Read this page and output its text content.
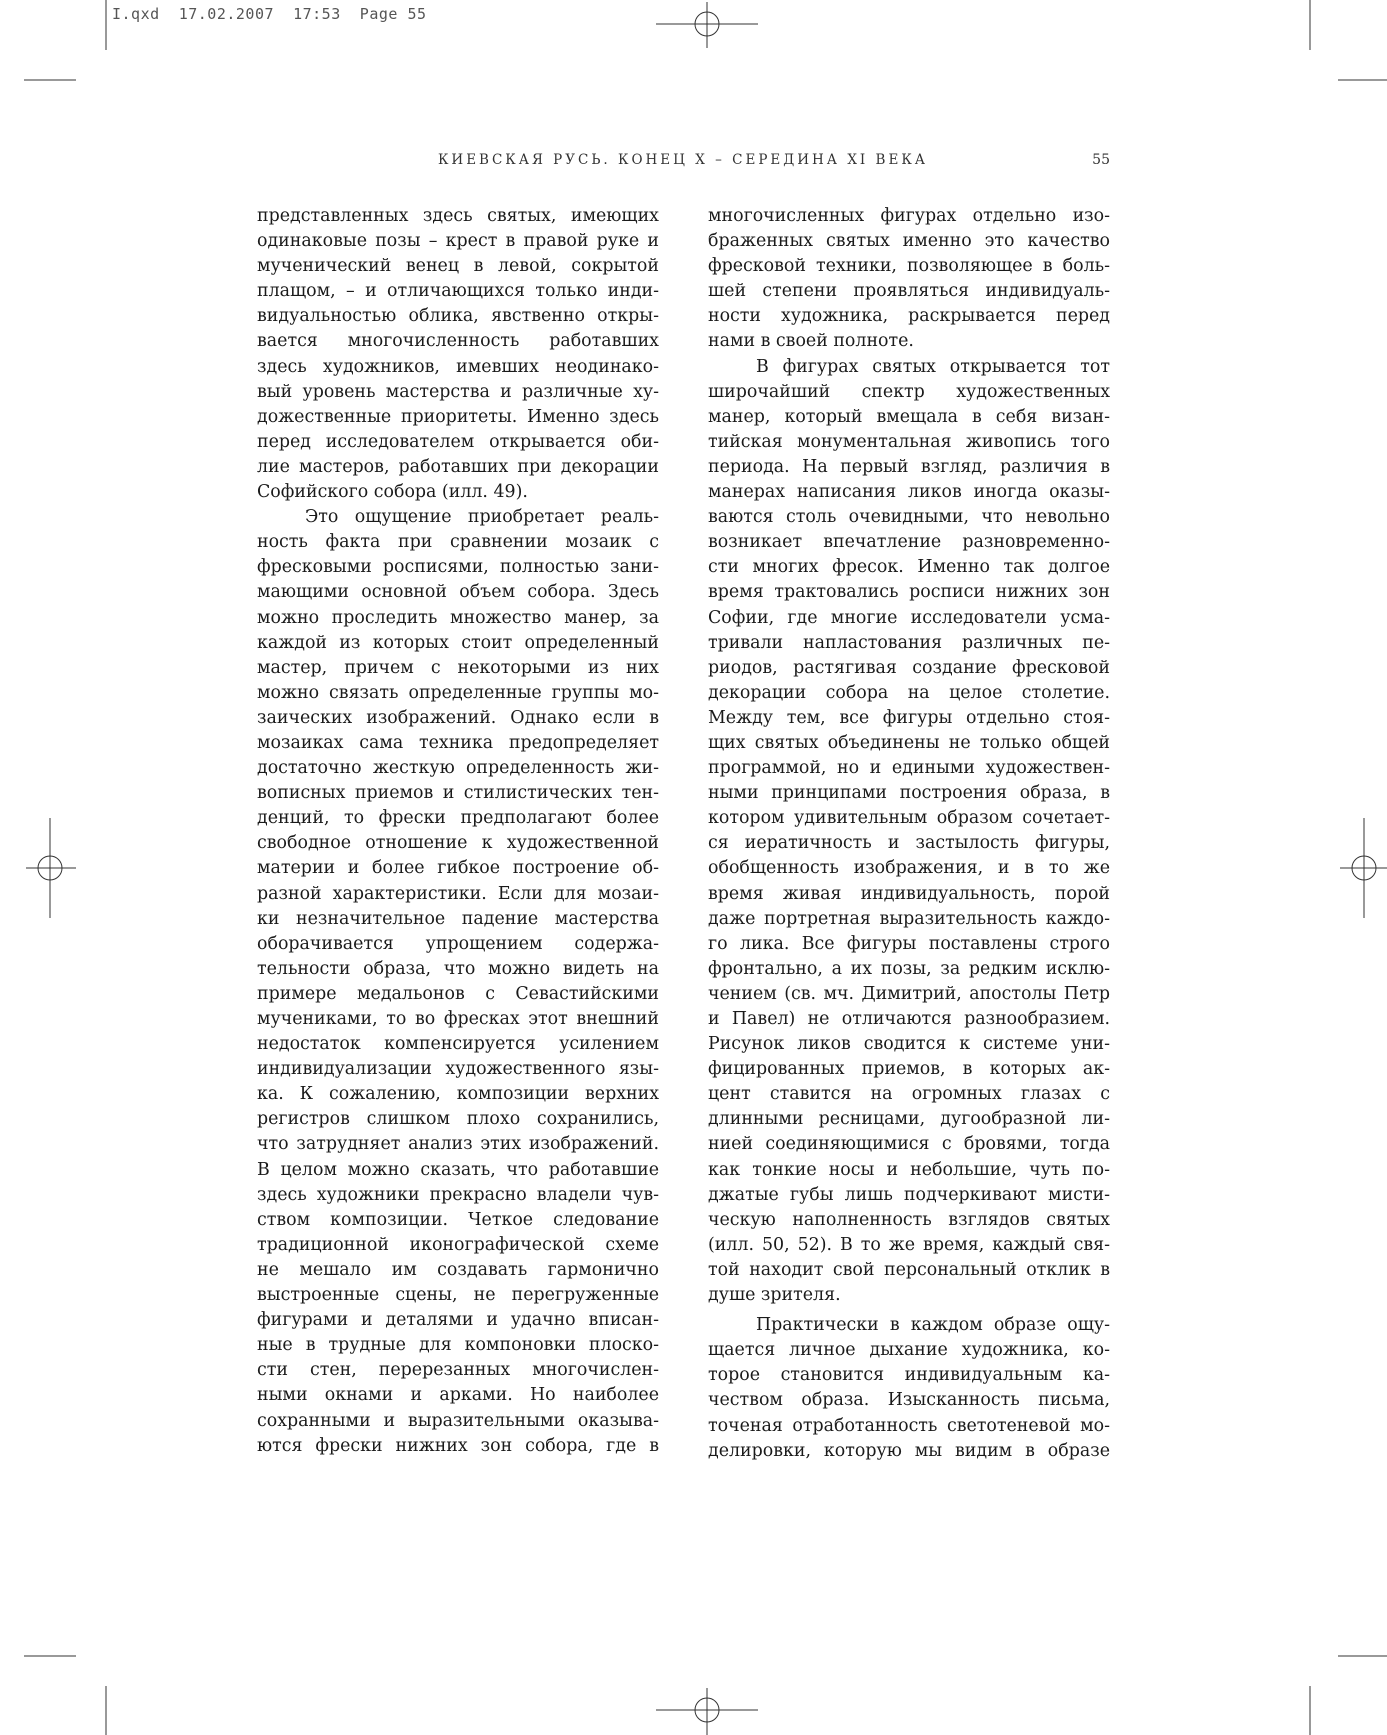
I.qxd  17.02.2007  17:53  Page 55
КИЕВСКАЯ РУСЬ. КОНЕЦ X – СЕРЕДИНА XI ВЕКА	55
представленных здесь святых, имеющих
одинаковые позы – крест в правой руке и
мученический венец в левой, сокрытой
плащом, – и отличающихся только инди-
видуальностью облика, явственно откры-
вается многочисленность работавших
здесь художников, имевших неодинако-
вый уровень мастерства и различные ху-
дожественные приоритеты. Именно здесь
перед исследователем открывается оби-
лие мастеров, работавших при декорации
Софийского собора (илл. 49).
Это ощущение приобретает реаль-
ность факта при сравнении мозаик с
фресковыми росписями, полностью зани-
мающими основной объем собора. Здесь
можно проследить множество манер, за
каждой из которых стоит определенный
мастер, причем с некоторыми из них
можно связать определенные группы мо-
заических изображений. Однако если в
мозаиках сама техника предопределяет
достаточно жесткую определенность жи-
вописных приемов и стилистических тен-
денций, то фрески предполагают более
свободное отношение к художественной
материи и более гибкое построение об-
разной характеристики. Если для мозаи-
ки незначительное падение мастерства
оборачивается упрощением содержа-
тельности образа, что можно видеть на
примере медальонов с Севастийскими
мучениками, то во фресках этот внешний
недостаток компенсируется усилением
индивидуализации художественного язы-
ка. К сожалению, композиции верхних
регистров слишком плохо сохранились,
что затрудняет анализ этих изображений.
В целом можно сказать, что работавшие
здесь художники прекрасно владели чув-
ством композиции. Четкое следование
традиционной иконографической схеме
не мешало им создавать гармонично
выстроенные сцены, не перегруженные
фигурами и деталями и удачно вписан-
ные в трудные для компоновки плоско-
сти стен, перерезанных многочислен-
ными окнами и арками. Но наиболее
сохранными и выразительными оказыва-
ются фрески нижних зон собора, где в
многочисленных фигурах отдельно изо-
браженных святых именно это качество
фресковой техники, позволяющее в боль-
шей степени проявляться индивидуаль-
ности художника, раскрывается перед
нами в своей полноте.
В фигурах святых открывается тот
широчайший спектр художественных
манер, который вмещала в себя визан-
тийская монументальная живопись того
периода. На первый взгляд, различия в
манерах написания ликов иногда оказы-
ваются столь очевидными, что невольно
возникает впечатление разновременно-
сти многих фресок. Именно так долгое
время трактовались росписи нижних зон
Софии, где многие исследователи усма-
тривали напластования различных пе-
риодов, растягивая создание фресковой
декорации собора на целое столетие.
Между тем, все фигуры отдельно стоя-
щих святых объединены не только общей
программой, но и едиными художествен-
ными принципами построения образа, в
котором удивительным образом сочетает-
ся иератичность и застылость фигуры,
обобщенность изображения, и в то же
время живая индивидуальность, порой
даже портретная выразительность каждо-
го лика. Все фигуры поставлены строго
фронтально, а их позы, за редким исклю-
чением (св. мч. Димитрий, апостолы Петр
и Павел) не отличаются разнообразием.
Рисунок ликов сводится к системе уни-
фицированных приемов, в которых ак-
цент ставится на огромных глазах с
длинными ресницами, дугообразной ли-
нией соединяющимися с бровями, тогда
как тонкие носы и небольшие, чуть по-
джатые губы лишь подчеркивают мисти-
ческую наполненность взглядов святых
(илл. 50, 52). В то же время, каждый свя-
той находит свой персональный отклик в
душе зрителя.
Практически в каждом образе ощу-
щается личное дыхание художника, ко-
торое становится индивидуальным ка-
чеством образа. Изысканность письма,
точеная отработанность светотеневой мо-
делировки, которую мы видим в образе
